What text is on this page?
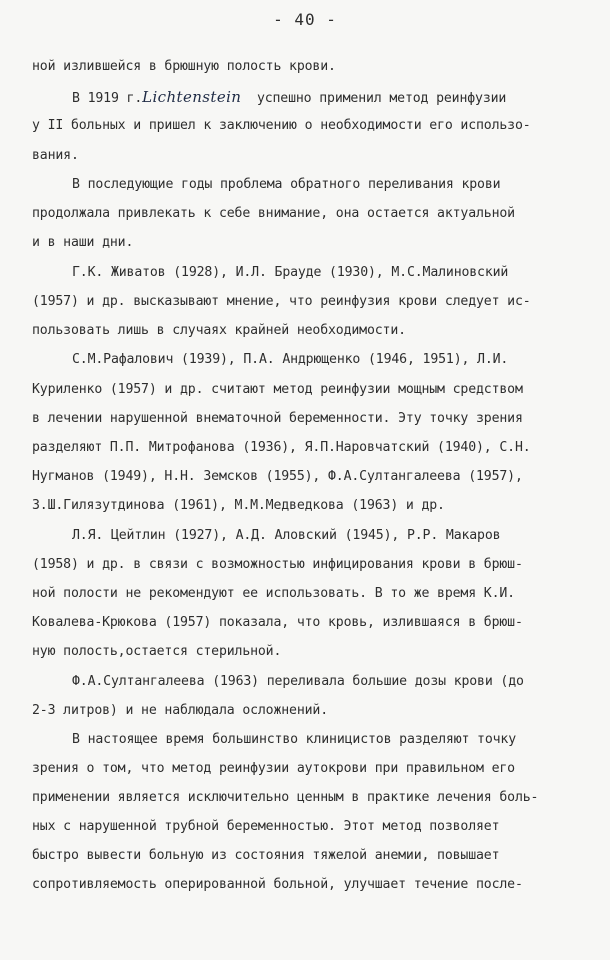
- 40 -
ной излившейся в брюшную полость крови.
В 1919 г.Lichtenstein  успешно применил метод реинфузии
у II больных и пришел к заключению о необходимости его использо-
вания.
В последующие годы проблема обратного переливания крови
продолжала привлекать к себе внимание, она остается актуальной
и в наши дни.
Г.К. Живатов (1928), И.Л. Брауде (1930), М.С.Малиновский
(1957) и др. высказывают мнение, что реинфузия крови следует ис-
пользовать лишь в случаях крайней необходимости.
С.М.Рафалович (1939), П.А. Андрющенко (1946, 1951), Л.И.
Куриленко (1957) и др. считают метод реинфузии мощным средством
в лечении нарушенной внематочной беременности. Эту точку зрения
разделяют П.П. Митрофанова (1936), Я.П.Наровчатский (1940), С.Н.
Нугманов (1949), Н.Н. Земсков (1955), Ф.А.Султангалеева (1957),
З.Ш.Гилязутдинова (1961), М.М.Медведкова (1963) и др.
Л.Я. Цейтлин (1927), А.Д. Аловский (1945), Р.Р. Макаров
(1958) и др. в связи с возможностью инфицирования крови в брюш-
ной полости не рекомендуют ее использовать. В то же время К.И.
Ковалева-Крюкова (1957) показала, что кровь, излившаяся в брюш-
ную полость,остается стерильной.
Ф.А.Султангалеева (1963) переливала большие дозы крови (до
2-3 литров) и не наблюдала осложнений.
В настоящее время большинство клиницистов разделяют точку
зрения о том, что метод реинфузии аутокрови при правильном его
применении является исключительно ценным в практике лечения боль-
ных с нарушенной трубной беременностью. Этот метод позволяет
быстро вывести больную из состояния тяжелой анемии, повышает
сопротивляемость оперированной больной, улучшает течение после-
